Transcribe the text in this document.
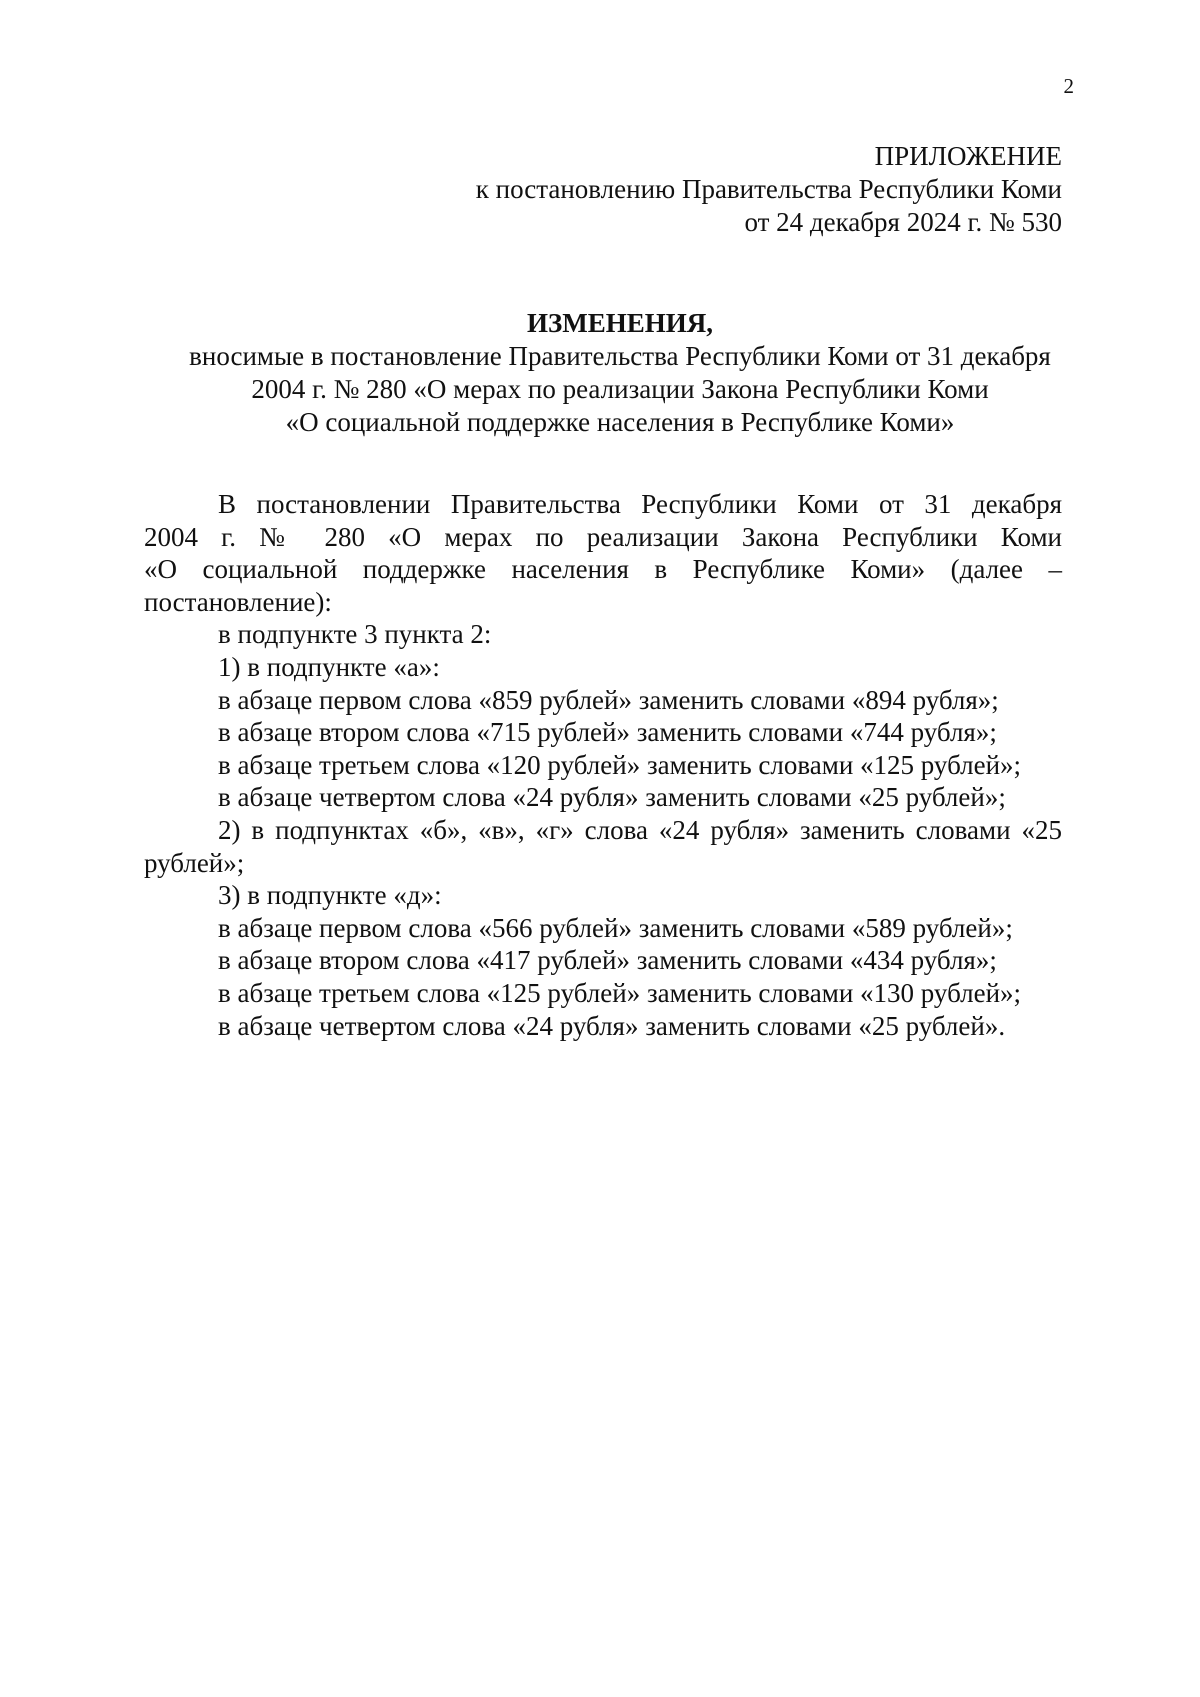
2
ПРИЛОЖЕНИЕ
к постановлению Правительства Республики Коми
от 24 декабря 2024 г. № 530
ИЗМЕНЕНИЯ,
вносимые в постановление Правительства Республики Коми от 31 декабря
2004 г. № 280 «О мерах по реализации Закона Республики Коми
«О социальной поддержке населения в Республике Коми»

В постановлении Правительства Республики Коми от 31 декабря

2004 г. № 280 «О мерах по реализации Закона Республики Коми

«О социальной поддержке населения в Республике Коми» (далее –

постановление):

в подпункте 3 пункта 2:

1) в подпункте «а»:

в абзаце первом слова «859 рублей» заменить словами «894 рубля»;

в абзаце втором слова «715 рублей» заменить словами «744 рубля»;

в абзаце третьем слова «120 рублей» заменить словами «125 рублей»;

в абзаце четвертом слова «24 рубля» заменить словами «25 рублей»;

2) в подпунктах «б», «в», «г» слова «24 рубля» заменить словами «25

рублей»;

3) в подпункте «д»:

в абзаце первом слова «566 рублей» заменить словами «589 рублей»;

в абзаце втором слова «417 рублей» заменить словами «434 рубля»;

в абзаце третьем слова «125 рублей» заменить словами «130 рублей»;

в абзаце четвертом слова «24 рубля» заменить словами «25 рублей».
